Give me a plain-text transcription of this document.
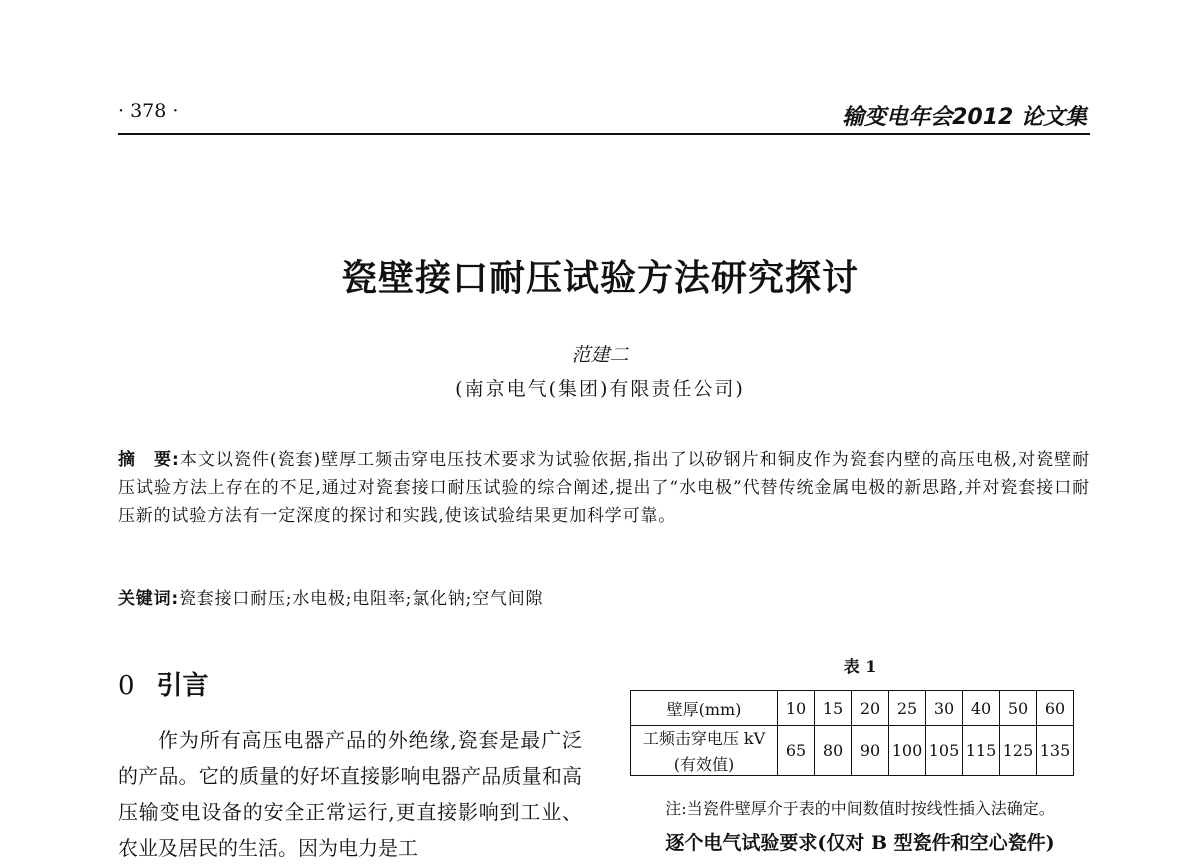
· 378 ·	输变电年会2012 论文集
瓷壁接口耐压试验方法研究探讨
范建二
(南京电气(集团)有限责任公司)
摘　要:本文以瓷件(瓷套)壁厚工频击穿电压技术要求为试验依据,指出了以矽钢片和铜皮作为瓷套内壁的高压电极,对瓷壁耐压试验方法上存在的不足,通过对瓷套接口耐压试验的综合阐述,提出了“水电极”代替传统金属电极的新思路,并对瓷套接口耐压新的试验方法有一定深度的探讨和实践,使该试验结果更加科学可靠。
关键词:瓷套接口耐压;水电极;电阻率;氯化钠;空气间隙
0 引言

作为所有高压电器产品的外绝缘,瓷套是最广泛的产品。它的质量的好坏直接影响电器产品质量和高压输变电设备的安全正常运行,更直接影响到工业、农业及居民的生活。因为电力是工

表 1
壁厚(mm)	10	15	20	25	30	40	50	60
工频击穿电压 kV
(有效值)	65	80	90	100	105	115	125	135
注:当瓷件壁厚介于表的中间数值时按线性插入法确定。
逐个电气试验要求(仅对 B 型瓷件和空心瓷件)
